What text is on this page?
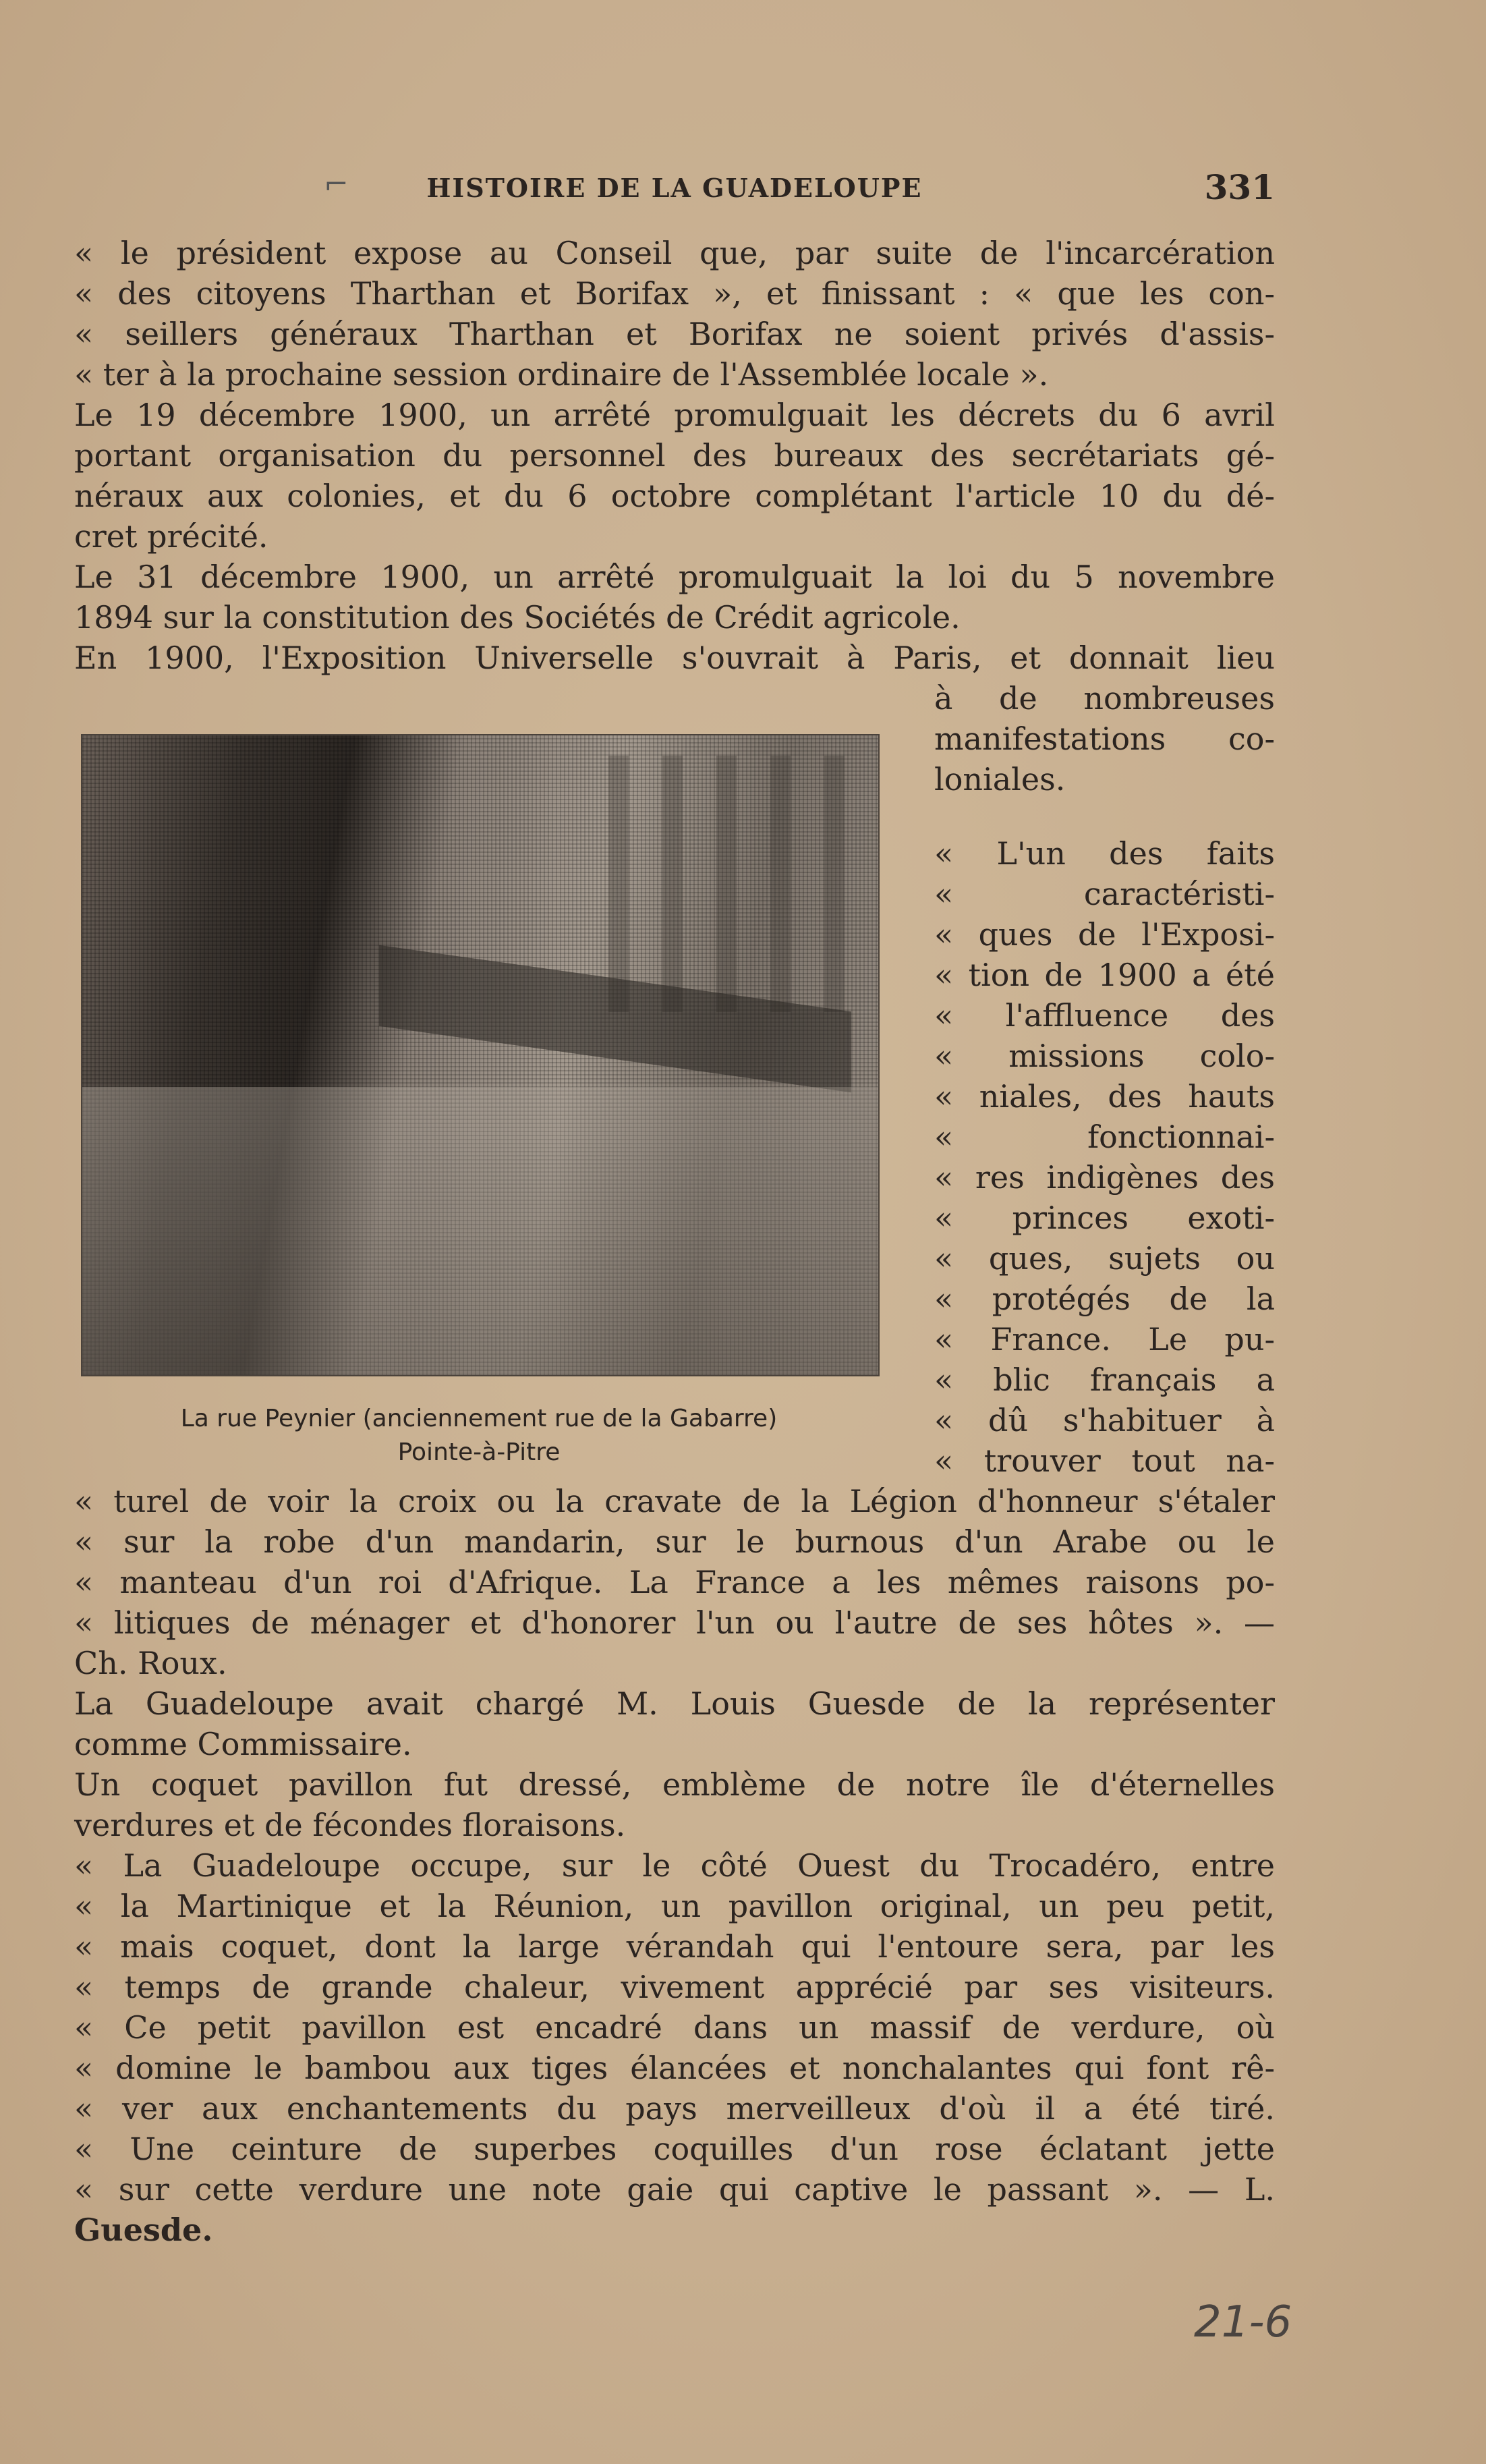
⌐	HISTOIRE DE LA GUADELOUPE	331
« le président expose au Conseil que, par suite de l'incarcération
« des citoyens Tharthan et Borifax », et finissant : « que les con-
« seillers généraux Tharthan et Borifax ne soient privés d'assis-
« ter à la prochaine session ordinaire de l'Assemblée locale ».
Le 19 décembre 1900, un arrêté promulguait les décrets du 6 avril
portant organisation du personnel des bureaux des secrétariats gé-
néraux aux colonies, et du 6 octobre complétant l'article 10 du dé-
cret précité.
Le 31 décembre 1900, un arrêté promulguait la loi du 5 novembre
1894 sur la constitution des Sociétés de Crédit agricole.
En 1900, l'Exposition Universelle s'ouvrait à Paris, et donnait lieu
La rue Peynier (anciennement rue de la Gabarre)
Pointe-à-Pitre
à de nombreuses
manifestations co-
loniales.
« L'un des faits
« caractéristi-
« ques de l'Exposi-
« tion de 1900 a été
« l'affluence des
« missions colo-
« niales, des hauts
« fonctionnai-
« res indigènes des
« princes exoti-
« ques, sujets ou
« protégés de la
« France. Le pu-
« blic français a
« dû s'habituer à
« trouver tout na-
« turel de voir la croix ou la cravate de la Légion d'honneur s'étaler
« sur la robe d'un mandarin, sur le burnous d'un Arabe ou le
« manteau d'un roi d'Afrique. La France a les mêmes raisons po-
« litiques de ménager et d'honorer l'un ou l'autre de ses hôtes ». —
Ch. Roux.
La Guadeloupe avait chargé M. Louis Guesde de la représenter
comme Commissaire.
Un coquet pavillon fut dressé, emblème de notre île d'éternelles
verdures et de fécondes floraisons.
« La Guadeloupe occupe, sur le côté Ouest du Trocadéro, entre
« la Martinique et la Réunion, un pavillon original, un peu petit,
« mais coquet, dont la large vérandah qui l'entoure sera, par les
« temps de grande chaleur, vivement apprécié par ses visiteurs.
« Ce petit pavillon est encadré dans un massif de verdure, où
« domine le bambou aux tiges élancées et nonchalantes qui font rê-
« ver aux enchantements du pays merveilleux d'où il a été tiré.
« Une ceinture de superbes coquilles d'un rose éclatant jette
« sur cette verdure une note gaie qui captive le passant ». — L.
Guesde.
21-6
